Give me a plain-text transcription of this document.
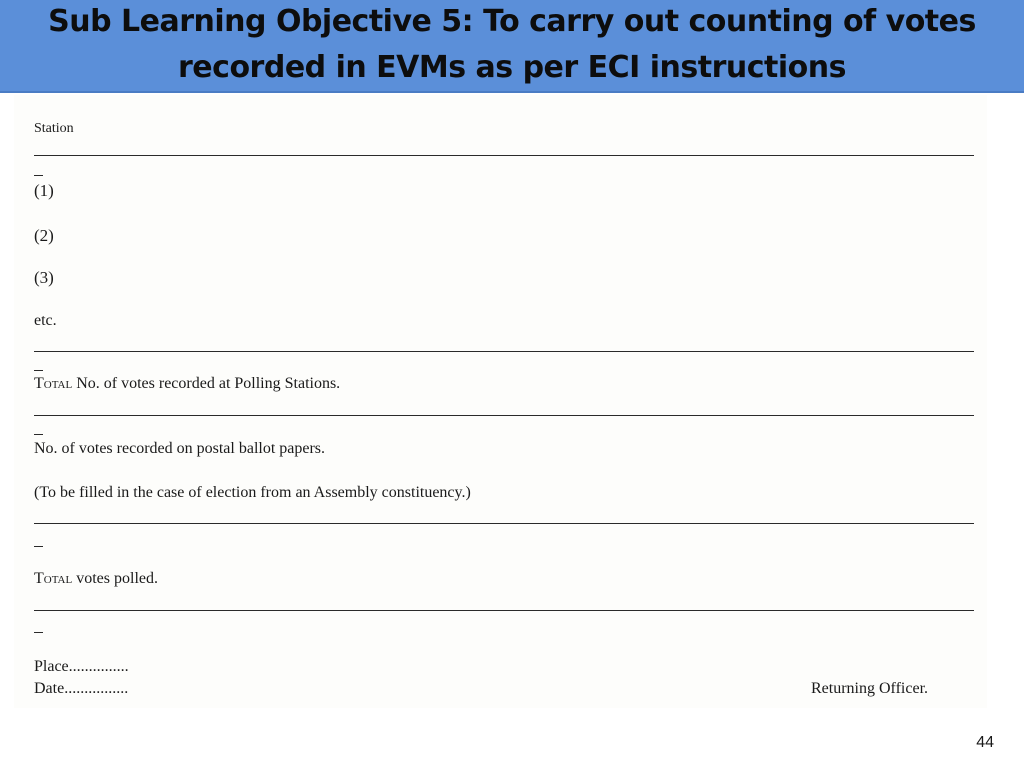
Sub Learning Objective 5: To carry out counting of votes
recorded in EVMs as per ECI instructions
Station
(1)
(2)
(3)
etc.
Total No. of votes recorded at Polling Stations.
No. of votes recorded on postal ballot papers.
(To be filled in the case of election from an Assembly constituency.)
Total votes polled.
Place...............
Date................	Returning Officer.
44
